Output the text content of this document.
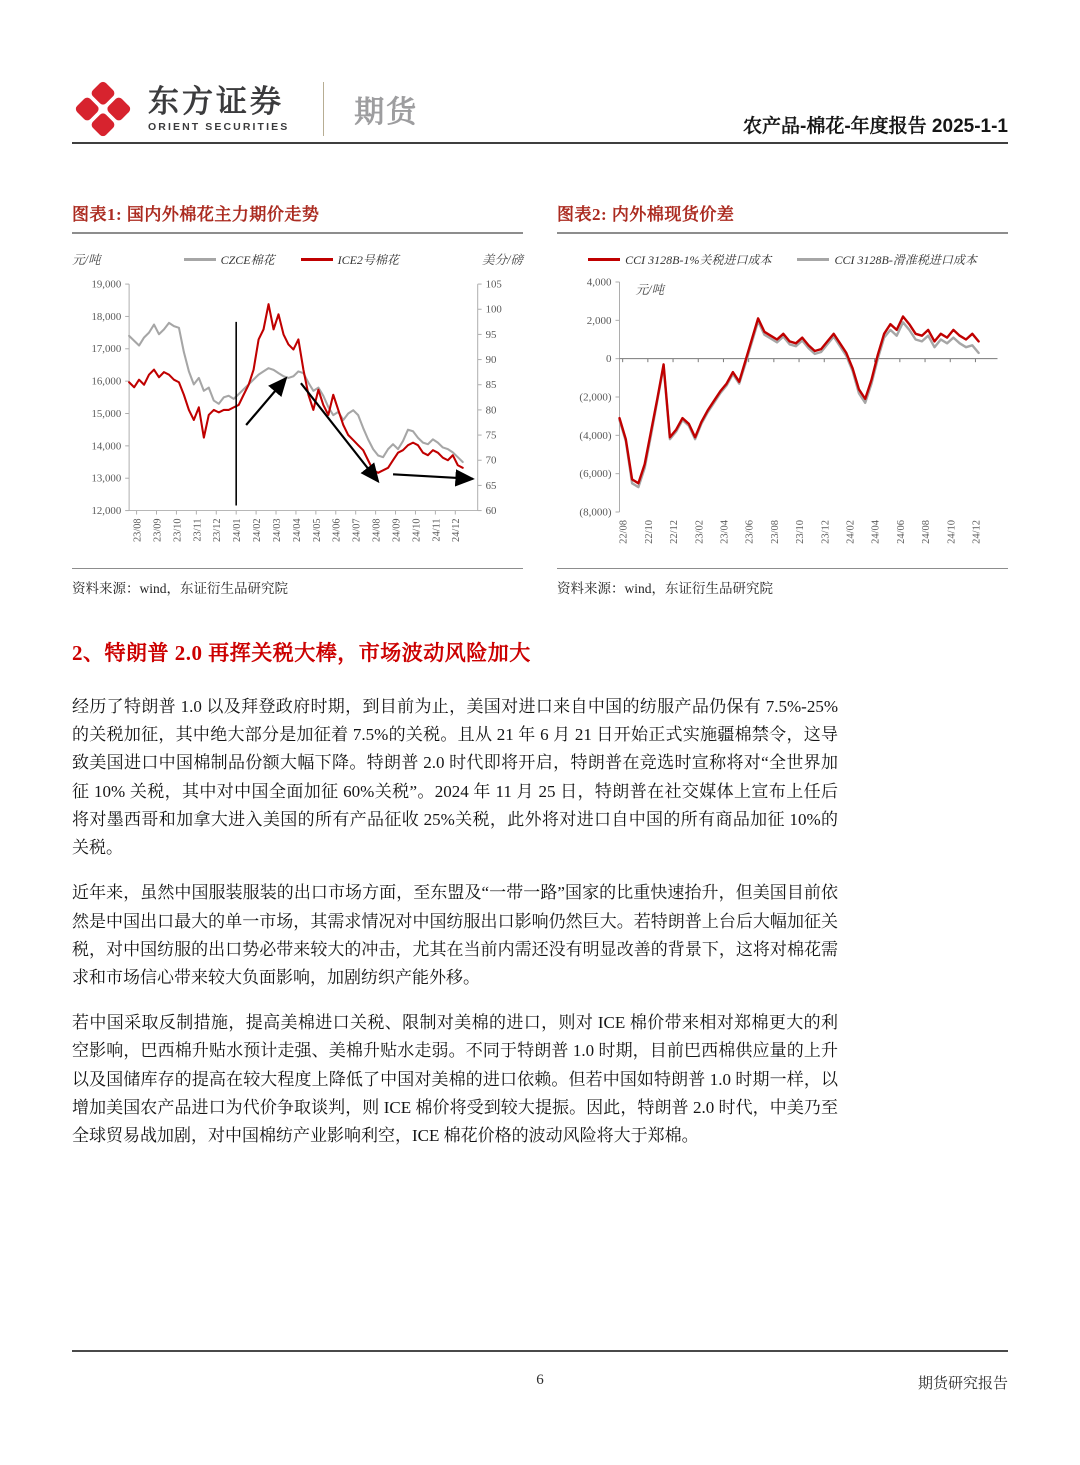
东方证券
ORIENT SECURITIES 期货	农产品-棉花-年度报告 2025-1-1
图表1: 国内外棉花主力期价走势
元/吨	CZCE棉花	ICE2号棉花	美分/磅
19,000
18,000
17,000
16,000
15,000
14,000
13,000
12,000
105
100
95
90
85
80
75
70
65
60
23/08 23/09 23/10 23/11 23/12 24/01 24/02 24/03 24/04 24/05 24/06 24/07 24/08 24/09 24/10 24/11 24/12
资料来源：wind，东证衍生品研究院
图表2: 内外棉现货价差
CCI 3128B-1%关税进口成本	CCI 3128B-滑准税进口成本
4,000
2,000
0
(2,000)
(4,000)
(6,000)
(8,000)
22/08 22/10 22/12 23/02 23/04 23/06 23/08 23/10 23/12 24/02 24/04 24/06 24/08 24/10 24/12
元/吨
资料来源：wind，东证衍生品研究院
2、特朗普 2.0 再挥关税大棒，市场波动风险加大

经历了特朗普 1.0 以及拜登政府时期，到目前为止，美国对进口来自中国的纺服产品仍保有 7.5%-25%的关税加征，其中绝大部分是加征着 7.5%的关税。且从 21 年 6 月 21 日开始正式实施疆棉禁令，这导致美国进口中国棉制品份额大幅下降。特朗普 2.0 时代即将开启，特朗普在竞选时宣称将对“全世界加征 10% 关税，其中对中国全面加征 60%关税”。2024 年 11 月 25 日，特朗普在社交媒体上宣布上任后将对墨西哥和加拿大进入美国的所有产品征收 25%关税，此外将对进口自中国的所有商品加征 10%的关税。

近年来，虽然中国服装服装的出口市场方面，至东盟及“一带一路”国家的比重快速抬升，但美国目前依然是中国出口最大的单一市场，其需求情况对中国纺服出口影响仍然巨大。若特朗普上台后大幅加征关税，对中国纺服的出口势必带来较大的冲击，尤其在当前内需还没有明显改善的背景下，这将对棉花需求和市场信心带来较大负面影响，加剧纺织产能外移。

若中国采取反制措施，提高美棉进口关税、限制对美棉的进口，则对 ICE 棉价带来相对郑棉更大的利空影响，巴西棉升贴水预计走强、美棉升贴水走弱。不同于特朗普 1.0 时期，目前巴西棉供应量的上升以及国储库存的提高在较大程度上降低了中国对美棉的进口依赖。但若中国如特朗普 1.0 时期一样，以增加美国农产品进口为代价争取谈判，则 ICE 棉价将受到较大提振。因此，特朗普 2.0 时代，中美乃至全球贸易战加剧，对中国棉纺产业影响利空，ICE 棉花价格的波动风险将大于郑棉。

6	期货研究报告
